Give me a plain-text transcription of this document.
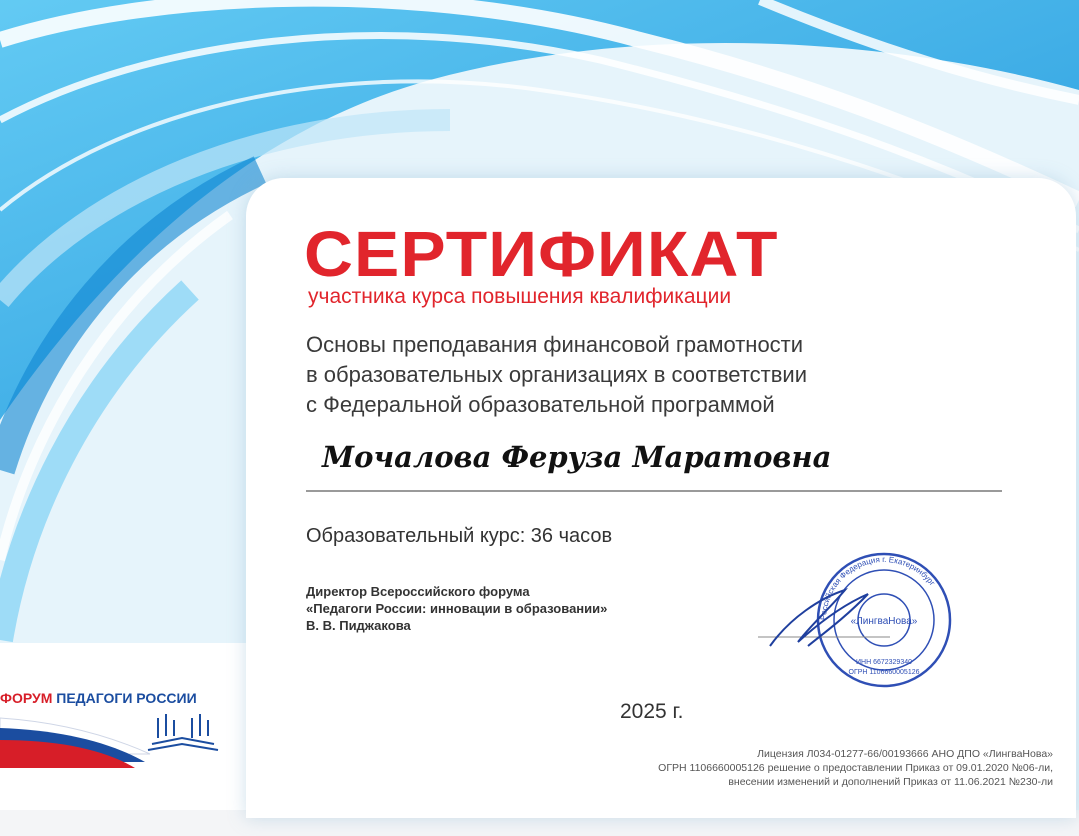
СЕРТИФИКАТ
участника курса повышения квалификации
Основы преподавания финансовой грамотности
в образовательных организациях в соответствии
с Федеральной образовательной программой
Мочалова Феруза Маратовна
Образовательный курс: 36 часов
Директор Всероссийского форума
«Педагоги России: инновации в образовании»
В. В. Пиджакова
2025 г.
Лицензия Л034-01277-66/00193666 АНО ДПО «ЛингваНова»
ОГРН 1106660005126 решение о предоставлении Приказ от 09.01.2020 №06-ли,
внесении изменений и дополнений Приказ от 11.06.2021 №230-ли
ФОРУМ ПЕДАГОГИ РОССИИ
Российская Федерация г. Екатеринбург
«ЛингваНова»
ИНН 6672329340
ОГРН 1106660005126
